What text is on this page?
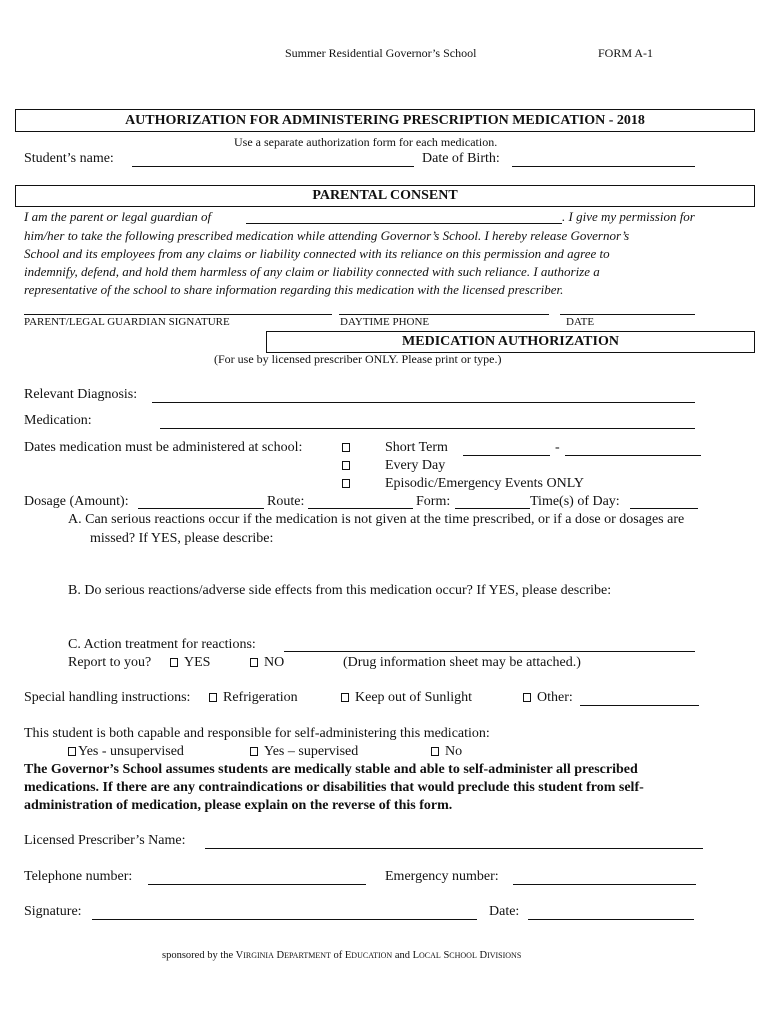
Summer Residential Governor’s School	FORM A-1
AUTHORIZATION FOR ADMINISTERING PRESCRIPTION MEDICATION - 2018
Use a separate authorization form for each medication.
Student’s name:	Date of Birth:
PARENTAL CONSENT
I am the parent or legal guardian of	. I give my permission for
him/her to take the following prescribed medication while attending Governor’s School. I hereby release Governor’s
School and its employees from any claims or liability connected with its reliance on this permission and agree to
indemnify, defend, and hold them harmless of any claim or liability connected with such reliance. I authorize a
representative of the school to share information regarding this medication with the licensed prescriber.
PARENT/LEGAL GUARDIAN SIGNATURE	DAYTIME PHONE	DATE
MEDICATION AUTHORIZATION
(For use by licensed prescriber ONLY. Please print or type.)
Relevant Diagnosis:
Medication:
Dates medication must be administered at school:	Short Term	-
Every Day
Episodic/Emergency Events ONLY
Dosage (Amount):	Route:	Form:	Time(s) of Day:
A. Can serious reactions occur if the medication is not given at the time prescribed, or if a dose or dosages are
missed? If YES, please describe:
B. Do serious reactions/adverse side effects from this medication occur? If YES, please describe:
C. Action treatment for reactions:
Report to you?	YES	NO	(Drug information sheet may be attached.)
Special handling instructions:	Refrigeration	Keep out of Sunlight	Other:
This student is both capable and responsible for self-administering this medication:
Yes - unsupervised	Yes – supervised	No
The Governor’s School assumes students are medically stable and able to self-administer all prescribed
medications. If there are any contraindications or disabilities that would preclude this student from self-
administration of medication, please explain on the reverse of this form.
Licensed Prescriber’s Name:
Telephone number:	Emergency number:
Signature:	Date:
sponsored by the VIRGINIA DEPARTMENT of EDUCATION and LOCAL SCHOOL DIVISIONS
